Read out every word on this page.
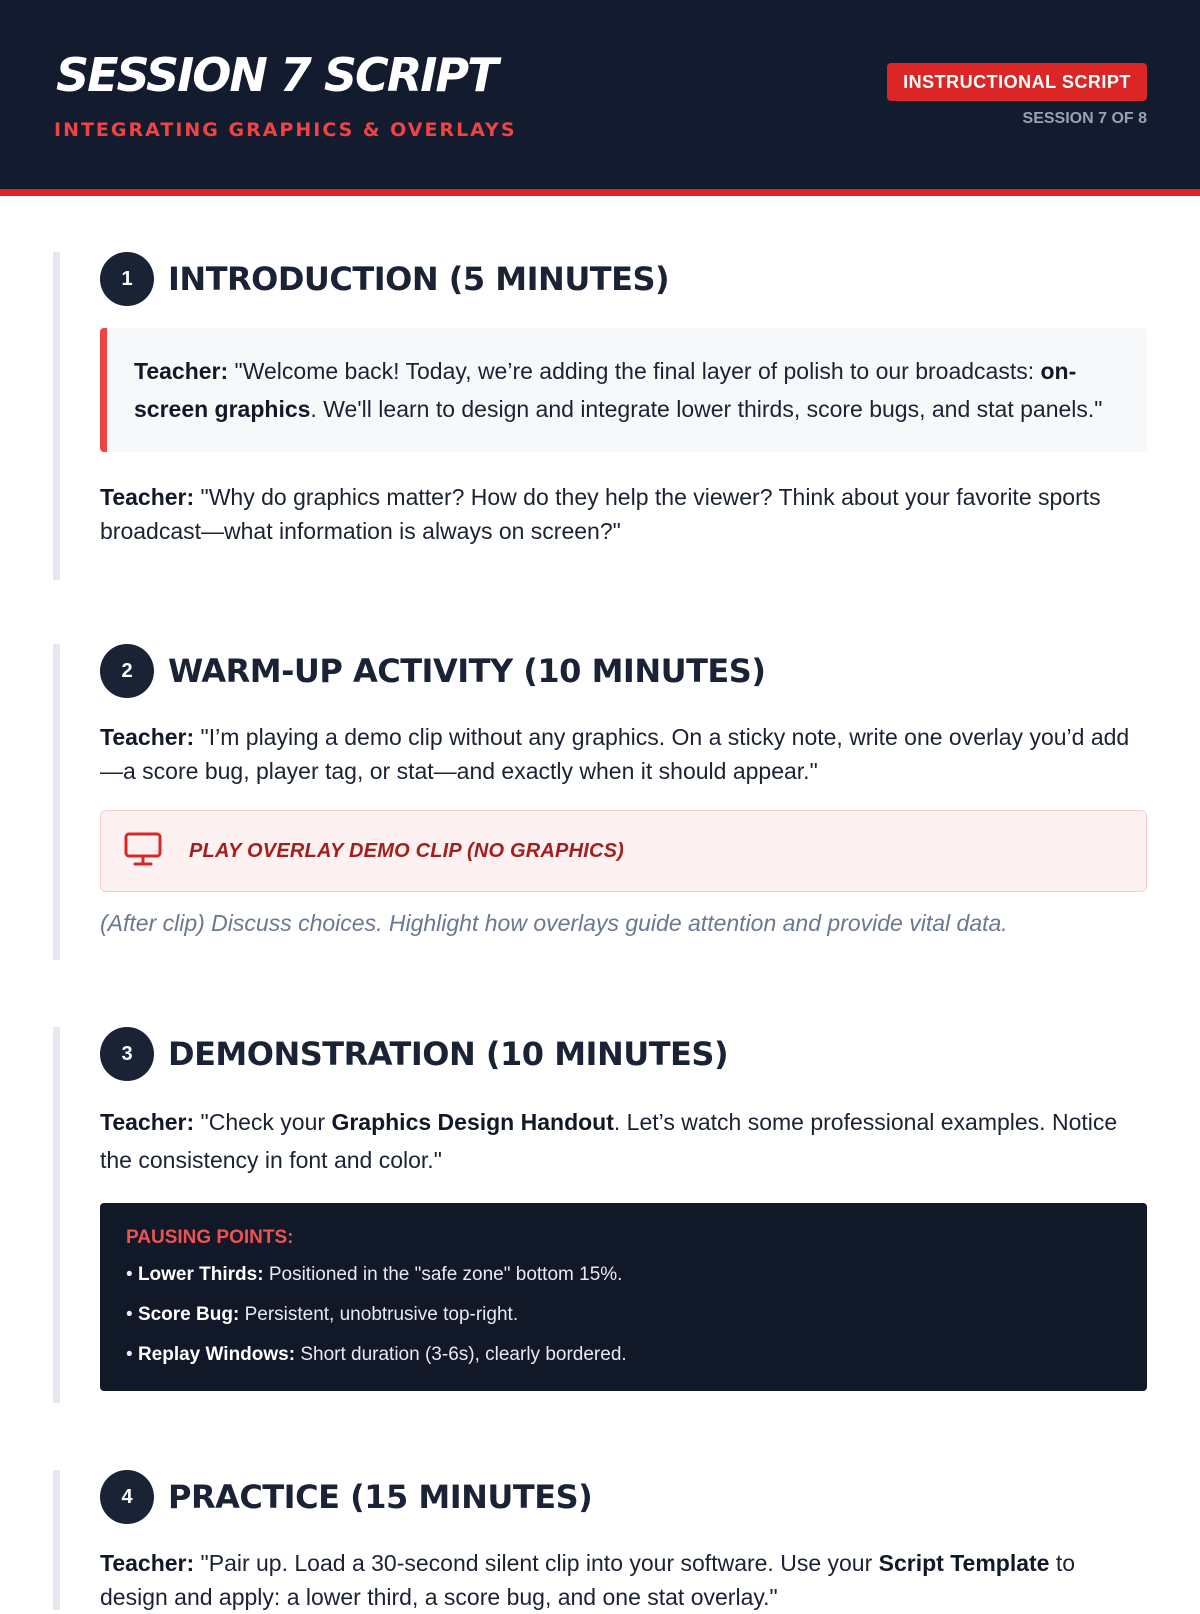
SESSION 7 SCRIPT
INTEGRATING GRAPHICS & OVERLAYS
INSTRUCTIONAL SCRIPT
SESSION 7 OF 8
1	INTRODUCTION (5 MINUTES)
Teacher: "Welcome back! Today, we’re adding the final layer of polish to our broadcasts: on-screen graphics. We'll learn to design and integrate lower thirds, score bugs, and stat panels."

Teacher: "Why do graphics matter? How do they help the viewer? Think about your favorite sports broadcast—what information is always on screen?"

2	WARM-UP ACTIVITY (10 MINUTES)

Teacher: "I’m playing a demo clip without any graphics. On a sticky note, write one overlay you’d add—a score bug, player tag, or stat—and exactly when it should appear."

PLAY OVERLAY DEMO CLIP (NO GRAPHICS)

(After clip) Discuss choices. Highlight how overlays guide attention and provide vital data.

3	DEMONSTRATION (10 MINUTES)

Teacher: "Check your Graphics Design Handout. Let’s watch some professional examples. Notice the consistency in font and color."

PAUSING POINTS:
• Lower Thirds: Positioned in the "safe zone" bottom 15%.
• Score Bug: Persistent, unobtrusive top-right.
• Replay Windows: Short duration (3-6s), clearly bordered.
4	PRACTICE (15 MINUTES)

Teacher: "Pair up. Load a 30-second silent clip into your software. Use your Script Template to design and apply: a lower third, a score bug, and one stat overlay."
